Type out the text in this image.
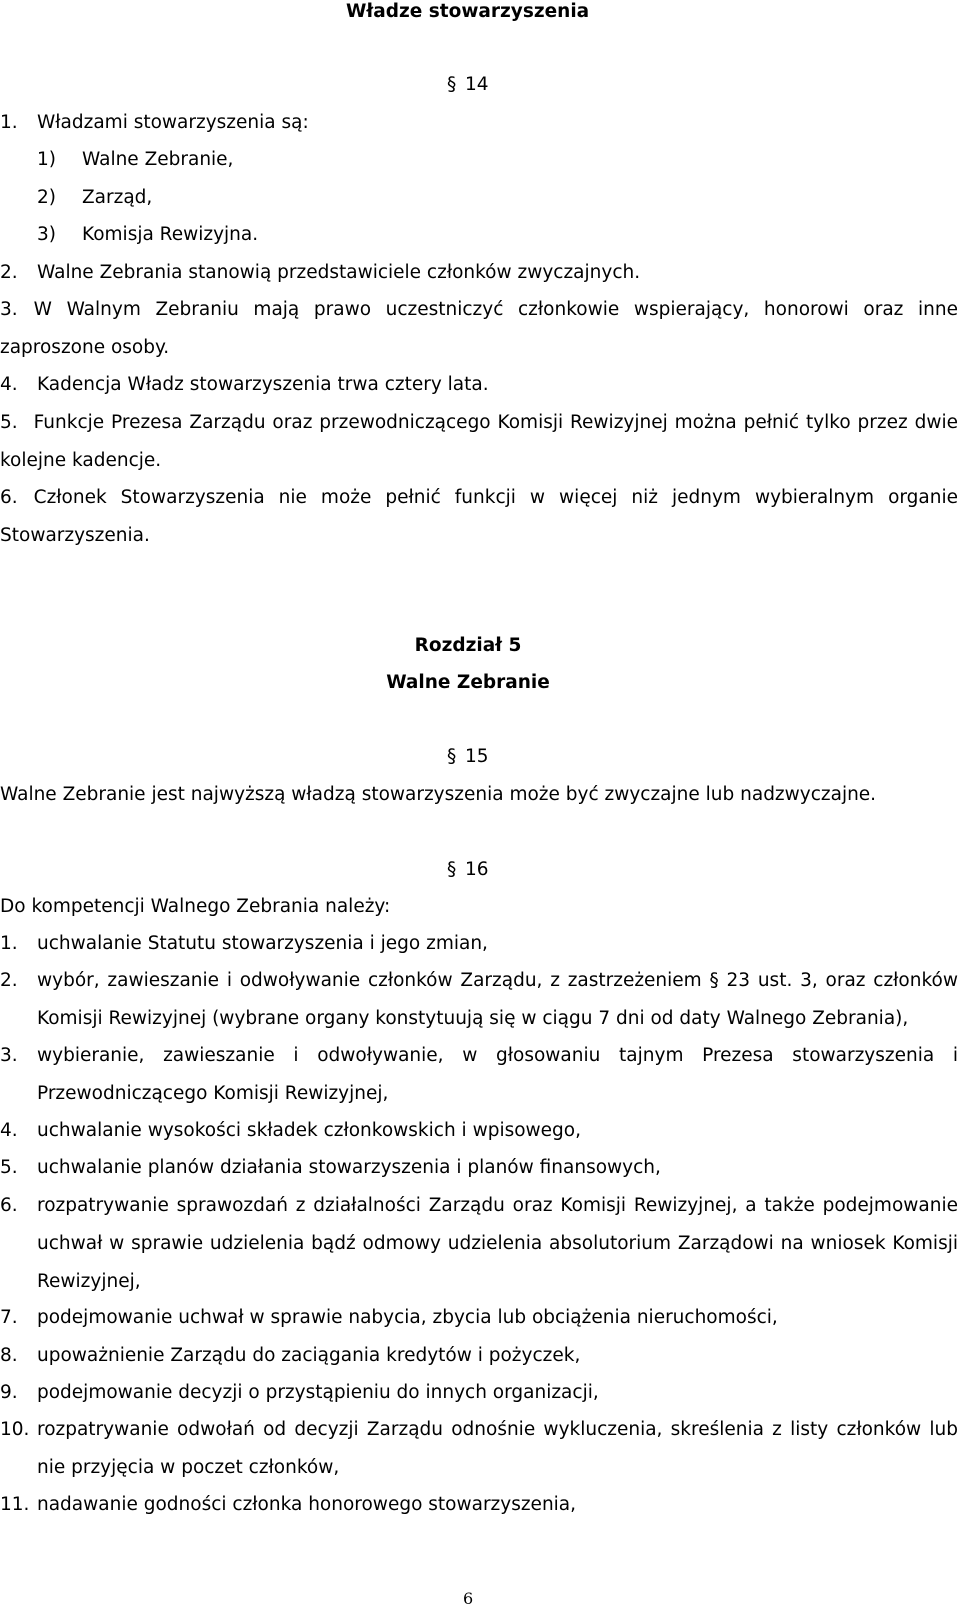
Władze stowarzyszenia
§ 14
1. Władzami stowarzyszenia są:
1) Walne Zebranie,
2) Zarząd,
3) Komisja Rewizyjna.
2. Walne Zebrania stanowią przedstawiciele członków zwyczajnych.
3. W Walnym Zebraniu mają prawo uczestniczyć członkowie wspierający, honorowi oraz inne zaproszone osoby.
4. Kadencja Władz stowarzyszenia trwa cztery lata.
5. Funkcje Prezesa Zarządu oraz przewodniczącego Komisji Rewizyjnej można pełnić tylko przez dwie kolejne kadencje.
6. Członek Stowarzyszenia nie może pełnić funkcji w więcej niż jednym wybieralnym organie Stowarzyszenia.
Rozdział 5
Walne Zebranie
§ 15
Walne Zebranie jest najwyższą władzą stowarzyszenia może być zwyczajne lub nadzwyczajne.
§ 16
Do kompetencji Walnego Zebrania należy:
1. uchwalanie Statutu stowarzyszenia i jego zmian,
2. wybór, zawieszanie i odwoływanie członków Zarządu, z zastrzeżeniem § 23 ust. 3, oraz członków Komisji Rewizyjnej (wybrane organy konstytuują się w ciągu 7 dni od daty Walnego Zebrania),
3. wybieranie, zawieszanie i odwoływanie, w głosowaniu tajnym Prezesa stowarzyszenia i Przewodniczącego Komisji Rewizyjnej,
4. uchwalanie wysokości składek członkowskich i wpisowego,
5. uchwalanie planów działania stowarzyszenia i planów finansowych,
6. rozpatrywanie sprawozdań z działalności Zarządu oraz Komisji Rewizyjnej, a także podejmowanie uchwał w sprawie udzielenia bądź odmowy udzielenia absolutorium Zarządowi na wniosek Komisji Rewizyjnej,
7. podejmowanie uchwał w sprawie nabycia, zbycia lub obciążenia nieruchomości,
8. upoważnienie Zarządu do zaciągania kredytów i pożyczek,
9. podejmowanie decyzji o przystąpieniu do innych organizacji,
10. rozpatrywanie odwołań od decyzji Zarządu odnośnie wykluczenia, skreślenia z listy członków lub nie przyjęcia w poczet członków,
11. nadawanie godności członka honorowego stowarzyszenia,
6
